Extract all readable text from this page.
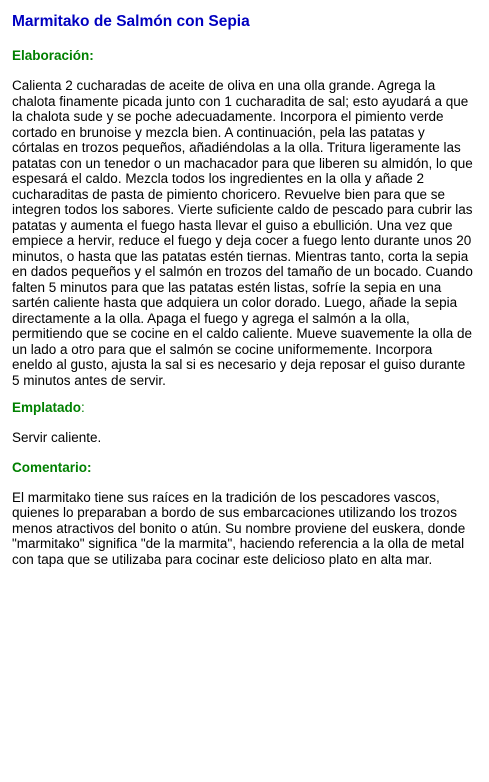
Marmitako de Salmón con Sepia
Elaboración:

Calienta 2 cucharadas de aceite de oliva en una olla grande. Agrega la chalota finamente picada junto con 1 cucharadita de sal; esto ayudará a que la chalota sude y se poche adecuadamente. Incorpora el pimiento verde cortado en brunoise y mezcla bien. A continuación, pela las patatas y córtalas en trozos pequeños, añadiéndolas a la olla. Tritura ligeramente las patatas con un tenedor o un machacador para que liberen su almidón, lo que espesará el caldo. Mezcla todos los ingredientes en la olla y añade 2 cucharaditas de pasta de pimiento choricero. Revuelve bien para que se integren todos los sabores. Vierte suficiente caldo de pescado para cubrir las patatas y aumenta el fuego hasta llevar el guiso a ebullición. Una vez que empiece a hervir, reduce el fuego y deja cocer a fuego lento durante unos 20 minutos, o hasta que las patatas estén tiernas. Mientras tanto, corta la sepia en dados pequeños y el salmón en trozos del tamaño de un bocado. Cuando falten 5 minutos para que las patatas estén listas, sofríe la sepia en una sartén caliente hasta que adquiera un color dorado. Luego, añade la sepia directamente a la olla. Apaga el fuego y agrega el salmón a la olla, permitiendo que se cocine en el caldo caliente. Mueve suavemente la olla de un lado a otro para que el salmón se cocine uniformemente. Incorpora eneldo al gusto, ajusta la sal si es necesario y deja reposar el guiso durante 5 minutos antes de servir.

Emplatado:

Servir caliente.

Comentario:

El marmitako tiene sus raíces en la tradición de los pescadores vascos, quienes lo preparaban a bordo de sus embarcaciones utilizando los trozos menos atractivos del bonito o atún. Su nombre proviene del euskera, donde "marmitako" significa "de la marmita", haciendo referencia a la olla de metal con tapa que se utilizaba para cocinar este delicioso plato en alta mar.
